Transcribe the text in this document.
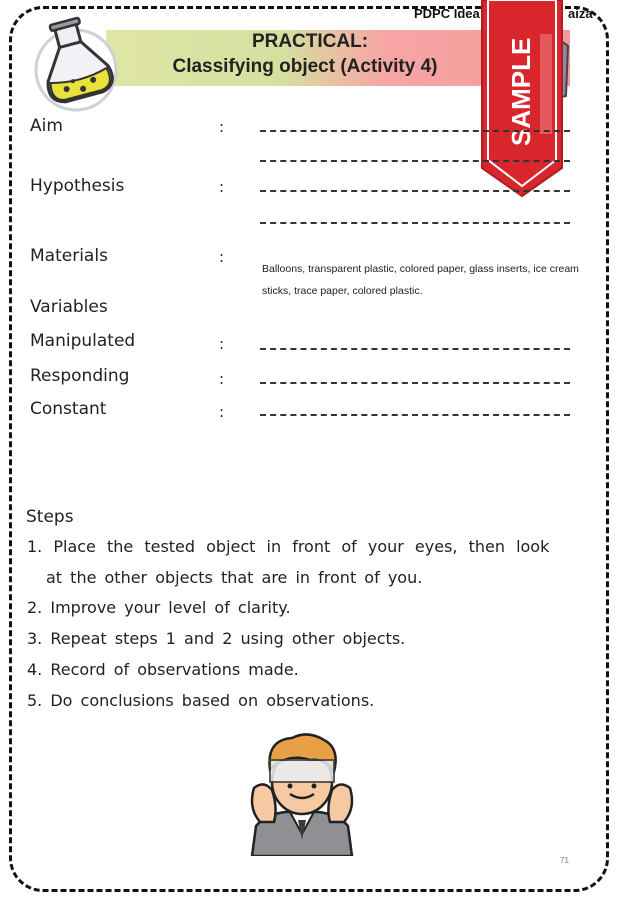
PDPC Idea	aiza
PRACTICAL:
Classifying object (Activity 4)	SAMPLE
Aim	:
Hypothesis	:
Materials	:
Balloons, transparent plastic, colored paper, glass inserts, ice cream sticks, trace paper, colored plastic.
Variables
Manipulated	:
Responding	:
Constant	:
Steps
1. Place the tested object in front of your eyes, then look
at the other objects that are in front of you.
2. Improve your level of clarity.
3. Repeat steps 1 and 2 using other objects.
4. Record of observations made.
5. Do conclusions based on observations.
71
